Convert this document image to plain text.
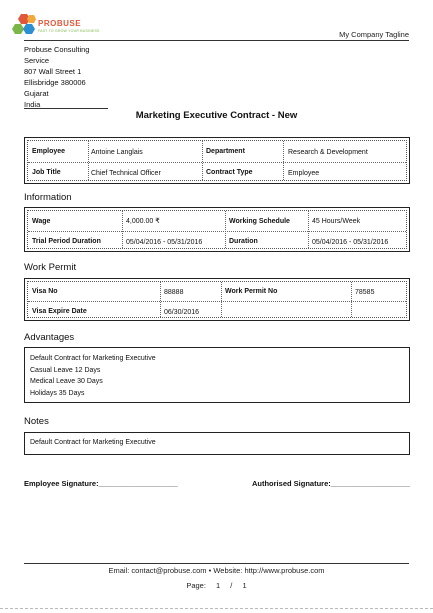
PROBUSE
FAST TO GROW YOUR BUSINESS	My Company Tagline
Probuse Consulting
Service
807 Wall Street 1
Ellisbridge 380006
Gujarat
India
Marketing Executive Contract - New
Employee	Antoine Langlais	Department	Research & Development
Job Title	Chief Technical Officer	Contract Type	Employee
Information
Wage	4,000.00 ₹	Working Schedule	45 Hours/Week
Trial Period Duration	05/04/2016 - 05/31/2016	Duration	05/04/2016 - 05/31/2016
Work Permit
Visa No	88888	Work Permit No	78585
Visa Expire Date	06/30/2016
Advantages
Default Contract for Marketing Executive
Casual Leave 12 Days
Medical Leave 30 Days
Holidays 35 Days
Notes
Default Contract for Marketing Executive
Employee Signature:___________________	Authorised Signature:___________________
Email: contact@probuse.com • Website: http://www.probuse.com
Page: 1 / 1
